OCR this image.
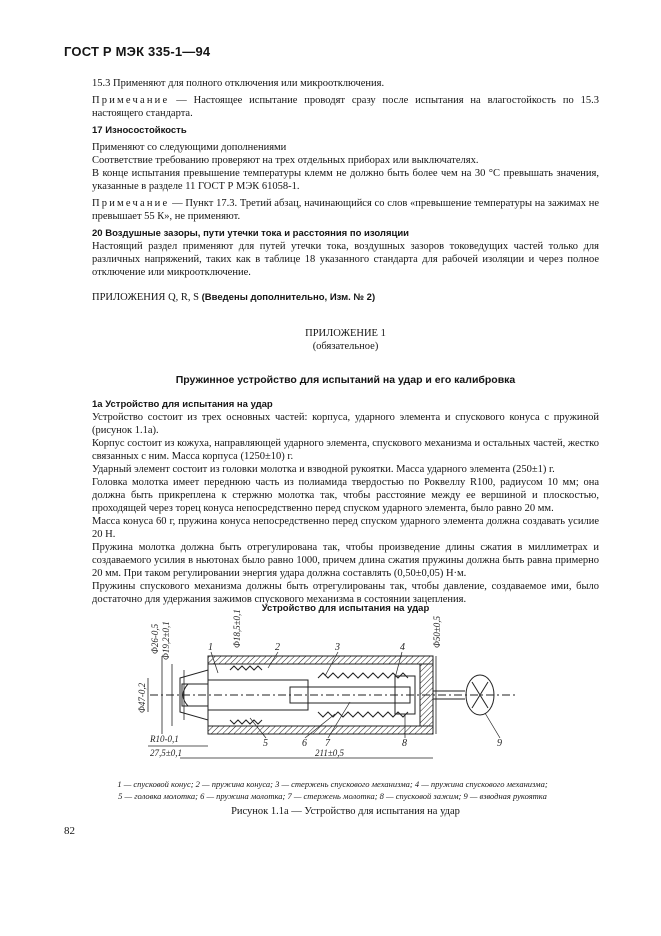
ГОСТ Р МЭК 335-1—94

15.3 Применяют для полного отключения или микроотключения.

Примечание — Настоящее испытание проводят сразу после испытания на влагостойкость по 15.3 настоящего стандарта.

17 Износостойкость

Применяют со следующими дополнениями

Соответствие требованию проверяют на трех отдельных приборах или выключателях.

В конце испытания превышение температуры клемм не должно быть более чем на 30 °С превышать значения, указанные в разделе 11 ГОСТ Р МЭК 61058-1.

Примечание — Пункт 17.3. Третий абзац, начинающийся со слов «превышение температуры на зажимах не превышает 55 К», не применяют.

20 Воздушные зазоры, пути утечки тока и расстояния по изоляции

Настоящий раздел применяют для путей утечки тока, воздушных зазоров токоведущих частей только для различных напряжений, таких как в таблице 18 указанного стандарта для рабочей изоляции и через полное отключение или микроотключение.

ПРИЛОЖЕНИЯ Q, R, S (Введены дополнительно, Изм. № 2)

ПРИЛОЖЕНИЕ 1
(обязательное)
Пружинное устройство для испытаний на удар и его калибровка

1а Устройство для испытания на удар

Устройство состоит из трех основных частей: корпуса, ударного элемента и спускового конуса с пружиной (рисунок 1.1а).

Корпус состоит из кожуха, направляющей ударного элемента, спускового механизма и остальных частей, жестко связанных с ним. Масса корпуса (1250±10) г.

Ударный элемент состоит из головки молотка и взводной рукоятки. Масса ударного элемента (250±1) г.

Головка молотка имеет переднюю часть из полиамида твердостью по Роквеллу R100, радиусом 10 мм; она должна быть прикреплена к стержню молотка так, чтобы расстояние между ее вершиной и плоскостью, проходящей через торец конуса непосредственно перед спуском ударного элемента, было равно 20 мм.

Масса конуса 60 г, пружина конуса непосредственно перед спуском ударного элемента должна создавать усилие 20 Н.

Пружина молотка должна быть отрегулирована так, чтобы произведение длины сжатия в миллиметрах и создаваемого усилия в ньютонах было равно 1000, причем длина сжатия пружины должна быть равна примерно 20 мм. При таком регулировании энергия удара должна составлять (0,50±0,05) Н·м.

Пружины спускового механизма должны быть отрегулированы так, чтобы давление, создаваемое ими, было достаточно для удержания зажимов спускового механизма в состоянии зацепления.

Устройство для испытания на удар
Φ26-0,5 Φ19,2±0,1	Φ18,5±0,1	Φ50±0,5
Φ47-0,2
R10-0,1
27,5±0,1	211±0,5
1	2	3	4
5	6 7	8	9
1 — спусковой конус; 2 — пружина конуса; 3 — стержень спускового механизма; 4 — пружина спускового механизма;
5 — головка молотка; 6 — пружина молотка; 7 — стержень молотка; 8 — спусковой зажим; 9 — взводная рукоятка
Рисунок 1.1а — Устройство для испытания на удар
82
